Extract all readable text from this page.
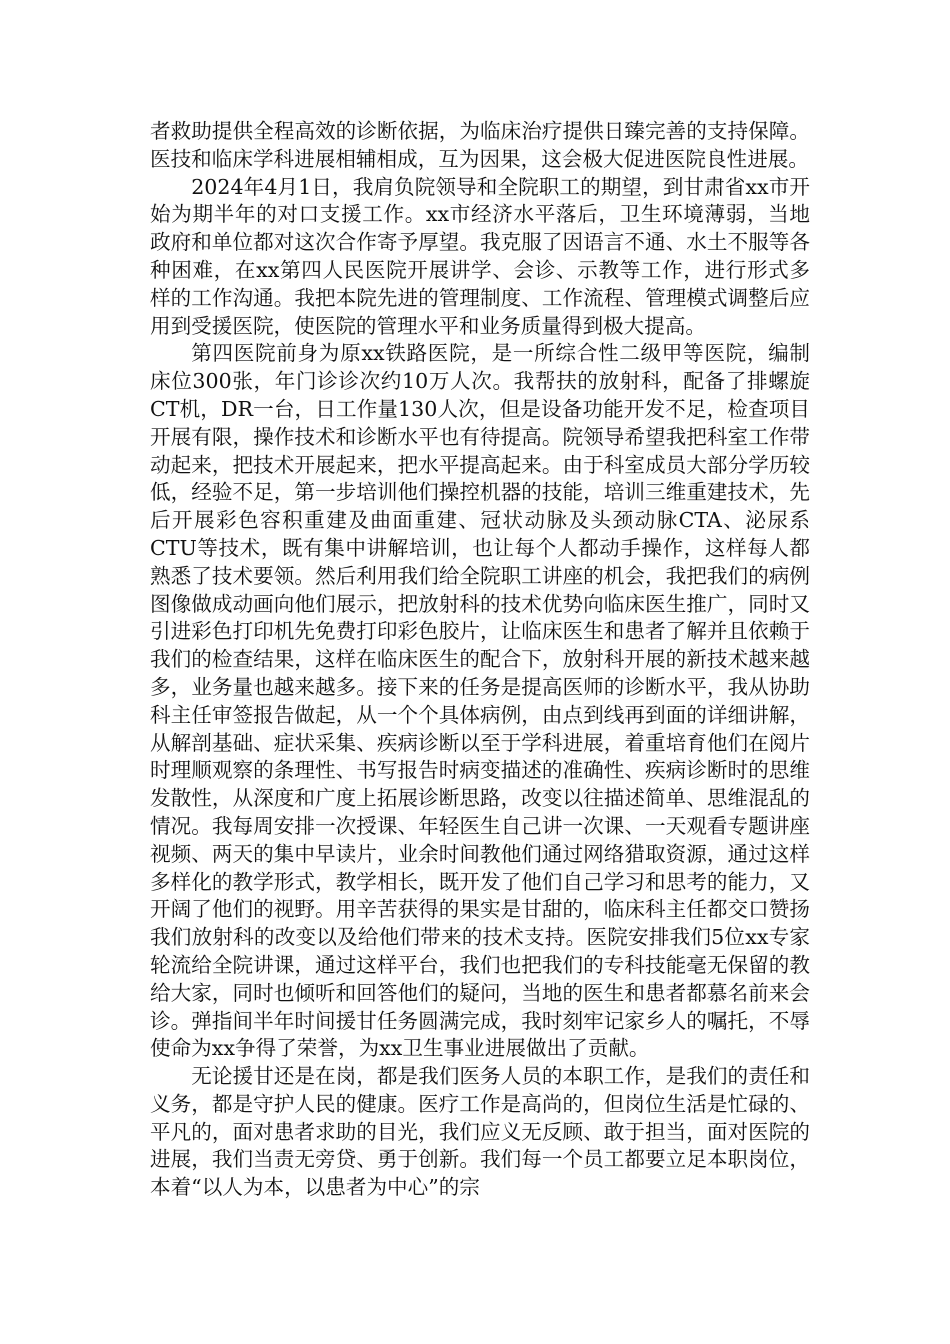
者救助提供全程高效的诊断依据，为临床治疗提供日臻完善的支持保障。医技和临床学科进展相辅相成，互为因果，这会极大促进医院良性进展。

2024年4月1日，我肩负院领导和全院职工的期望，到甘肃省xx市开始为期半年的对口支援工作。xx市经济水平落后，卫生环境薄弱，当地政府和单位都对这次合作寄予厚望。我克服了因语言不通、水土不服等各种困难，在xx第四人民医院开展讲学、会诊、示教等工作，进行形式多样的工作沟通。我把本院先进的管理制度、工作流程、管理模式调整后应用到受援医院，使医院的管理水平和业务质量得到极大提高。

第四医院前身为原xx铁路医院，是一所综合性二级甲等医院，编制床位300张，年门诊诊次约10万人次。我帮扶的放射科，配备了排螺旋CT机，DR一台，日工作量130人次，但是设备功能开发不足，检查项目开展有限，操作技术和诊断水平也有待提高。院领导希望我把科室工作带动起来，把技术开展起来，把水平提高起来。由于科室成员大部分学历较低，经验不足，第一步培训他们操控机器的技能，培训三维重建技术，先后开展彩色容积重建及曲面重建、冠状动脉及头颈动脉CTA、泌尿系CTU等技术，既有集中讲解培训，也让每个人都动手操作，这样每人都熟悉了技术要领。然后利用我们给全院职工讲座的机会，我把我们的病例图像做成动画向他们展示，把放射科的技术优势向临床医生推广，同时又引进彩色打印机先免费打印彩色胶片，让临床医生和患者了解并且依赖于我们的检查结果，这样在临床医生的配合下，放射科开展的新技术越来越多，业务量也越来越多。接下来的任务是提高医师的诊断水平，我从协助科主任审签报告做起，从一个个具体病例，由点到线再到面的详细讲解，从解剖基础、症状采集、疾病诊断以至于学科进展，着重培育他们在阅片时理顺观察的条理性、书写报告时病变描述的准确性、疾病诊断时的思维发散性，从深度和广度上拓展诊断思路，改变以往描述简单、思维混乱的情况。我每周安排一次授课、年轻医生自己讲一次课、一天观看专题讲座视频、两天的集中早读片，业余时间教他们通过网络猎取资源，通过这样多样化的教学形式，教学相长，既开发了他们自己学习和思考的能力，又开阔了他们的视野。用辛苦获得的果实是甘甜的，临床科主任都交口赞扬我们放射科的改变以及给他们带来的技术支持。医院安排我们5位xx专家轮流给全院讲课，通过这样平台，我们也把我们的专科技能毫无保留的教给大家，同时也倾听和回答他们的疑问，当地的医生和患者都慕名前来会诊。弹指间半年时间援甘任务圆满完成，我时刻牢记家乡人的嘱托，不辱使命为xx争得了荣誉，为xx卫生事业进展做出了贡献。

无论援甘还是在岗，都是我们医务人员的本职工作，是我们的责任和义务，都是守护人民的健康。医疗工作是高尚的，但岗位生活是忙碌的、平凡的，面对患者求助的目光，我们应义无反顾、敢于担当，面对医院的进展，我们当责无旁贷、勇于创新。我们每一个员工都要立足本职岗位，本着“以人为本，以患者为中心”的宗
